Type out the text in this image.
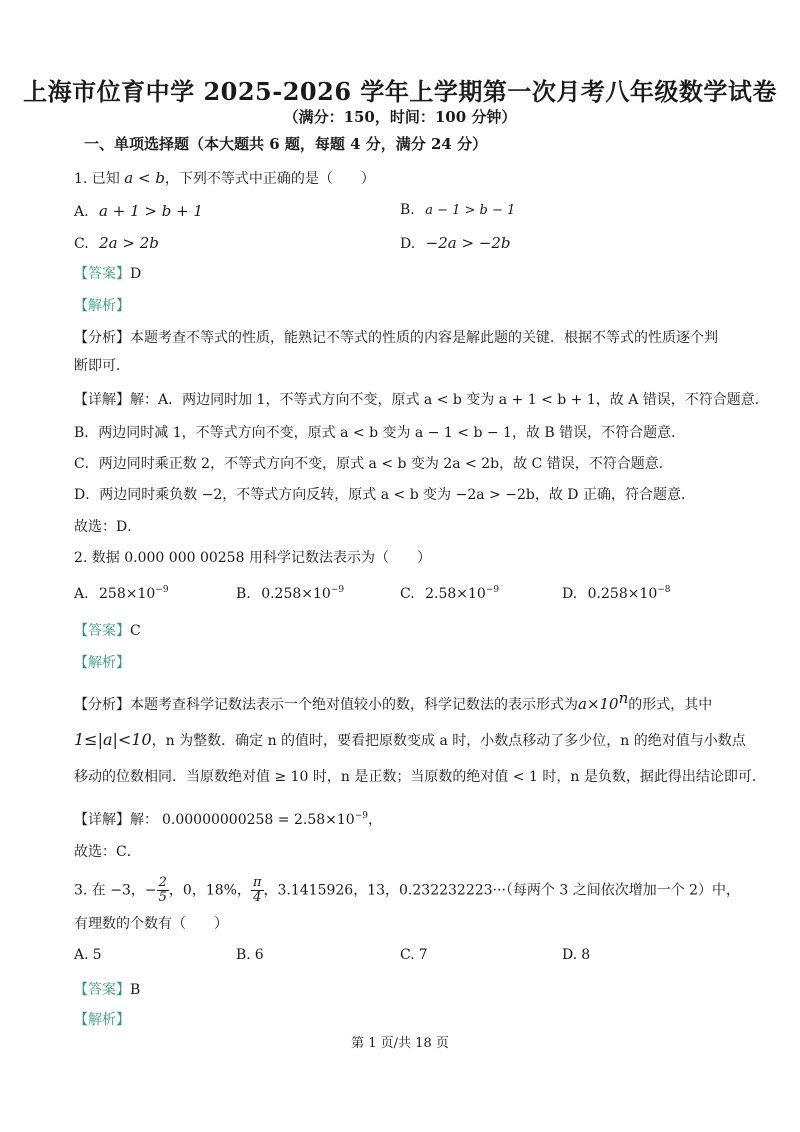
上海市位育中学 2025-2026 学年上学期第一次月考八年级数学试卷
（满分：150，时间：100 分钟）
一、单项选择题（本大题共 6 题，每题 4 分，满分 24 分）
1. 已知 a < b，下列不等式中正确的是（　　）
A. a + 1 > b + 1	B. a − 1 > b − 1
C. 2a > 2b	D. −2a > −2b
【答案】D
【解析】
【分析】本题考查不等式的性质，能熟记不等式的性质的内容是解此题的关键．根据不等式的性质逐个判
断即可．
【详解】解：A．两边同时加 1，不等式方向不变，原式 a < b 变为 a + 1 < b + 1，故 A 错误，不符合题意．
B．两边同时减 1，不等式方向不变，原式 a < b 变为 a − 1 < b − 1，故 B 错误，不符合题意．
C．两边同时乘正数 2，不等式方向不变，原式 a < b 变为 2a < 2b，故 C 错误，不符合题意．
D．两边同时乘负数 −2，不等式方向反转，原式 a < b 变为 −2a > −2b，故 D 正确，符合题意．
故选：D．
2. 数据 0.000 000 00258 用科学记数法表示为（　　）
A. $258\times 10^{-9}$	B. $0.258\times 10^{-9}$	C. $2.58\times 10^{-9}$	D. $0.258\times 10^{-8}$
【答案】C
【解析】
【分析】本题考查科学记数法表示一个绝对值较小的数，科学记数法的表示形式为$a\times 10^n$的形式，其中
1≤|a|<10，n 为整数．确定 n 的值时，要看把原数变成 a 时，小数点移动了多少位，n 的绝对值与小数点
移动的位数相同．当原数绝对值 ≥ 10 时，n 是正数；当原数的绝对值 < 1 时，n 是负数，据此得出结论即可．
【详解】解： $0.00000000258 = 2.58\times 10^{-9}$，
故选：C．
3. 在 −3，− $\frac{2}{5}$ ，0，18%， $\frac{\pi}{4}$ ，3.1415926，13，0.232232223···（每两个 3 之间依次增加一个 2）中，
有理数的个数有（　　）
A. 5	B. 6	C. 7	D. 8
【答案】B
【解析】
第 1 页/共 18 页
